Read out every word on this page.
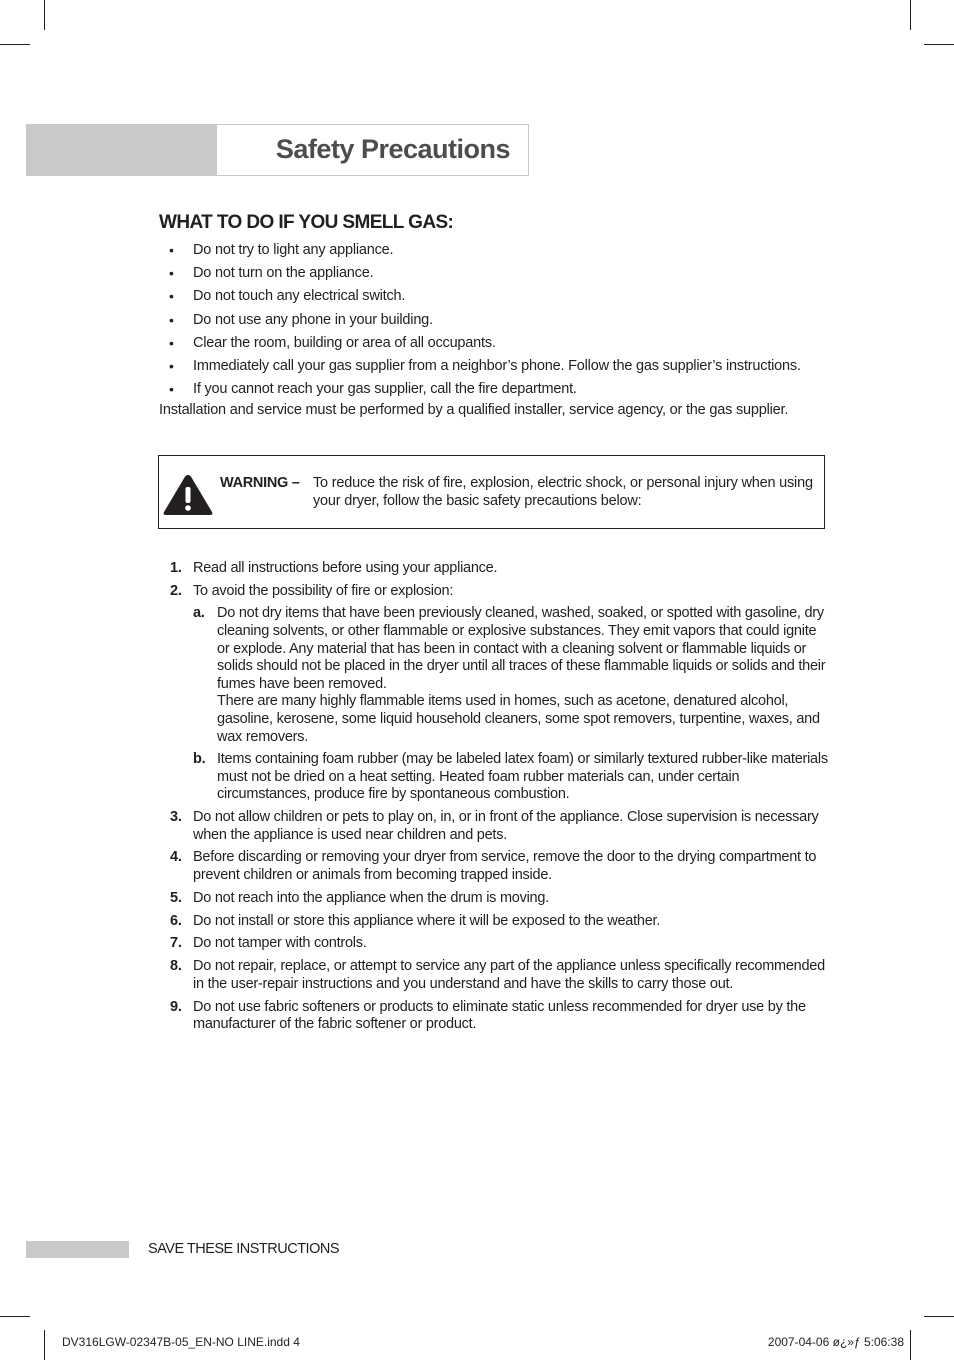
Safety Precautions
WHAT TO DO IF YOU SMELL GAS:
• Do not try to light any appliance.
• Do not turn on the appliance.
• Do not touch any electrical switch.
• Do not use any phone in your building.
• Clear the room, building or area of all occupants.
• Immediately call your gas supplier from a neighbor’s phone. Follow the gas supplier’s instructions.
• If you cannot reach your gas supplier, call the fire department.
Installation and service must be performed by a qualified installer, service agency, or the gas supplier.
WARNING – To reduce the risk of fire, explosion, electric shock, or personal injury when using your dryer, follow the basic safety precautions below:
1. Read all instructions before using your appliance.
2. To avoid the possibility of fire or explosion:
a. Do not dry items that have been previously cleaned, washed, soaked, or spotted with gasoline, dry cleaning solvents, or other flammable or explosive substances. They emit vapors that could ignite or explode. Any material that has been in contact with a cleaning solvent or flammable liquids or solids should not be placed in the dryer until all traces of these flammable liquids or solids and their fumes have been removed.
There are many highly flammable items used in homes, such as acetone, denatured alcohol, gasoline, kerosene, some liquid household cleaners, some spot removers, turpentine, waxes, and wax removers.
b. Items containing foam rubber (may be labeled latex foam) or similarly textured rubber-like materials must not be dried on a heat setting. Heated foam rubber materials can, under certain circumstances, produce fire by spontaneous combustion.
3. Do not allow children or pets to play on, in, or in front of the appliance. Close supervision is necessary when the appliance is used near children and pets.
4. Before discarding or removing your dryer from service, remove the door to the drying compartment to prevent children or animals from becoming trapped inside.
5. Do not reach into the appliance when the drum is moving.
6. Do not install or store this appliance where it will be exposed to the weather.
7. Do not tamper with controls.
8. Do not repair, replace, or attempt to service any part of the appliance unless specifically recommended in the user-repair instructions and you understand and have the skills to carry those out.
9. Do not use fabric softeners or products to eliminate static unless recommended for dryer use by the manufacturer of the fabric softener or product.
SAVE THESE INSTRUCTIONS
DV316LGW-02347B-05_EN-NO LINE.indd 4	2007-04-06 ø¿»ƒ 5:06:38
